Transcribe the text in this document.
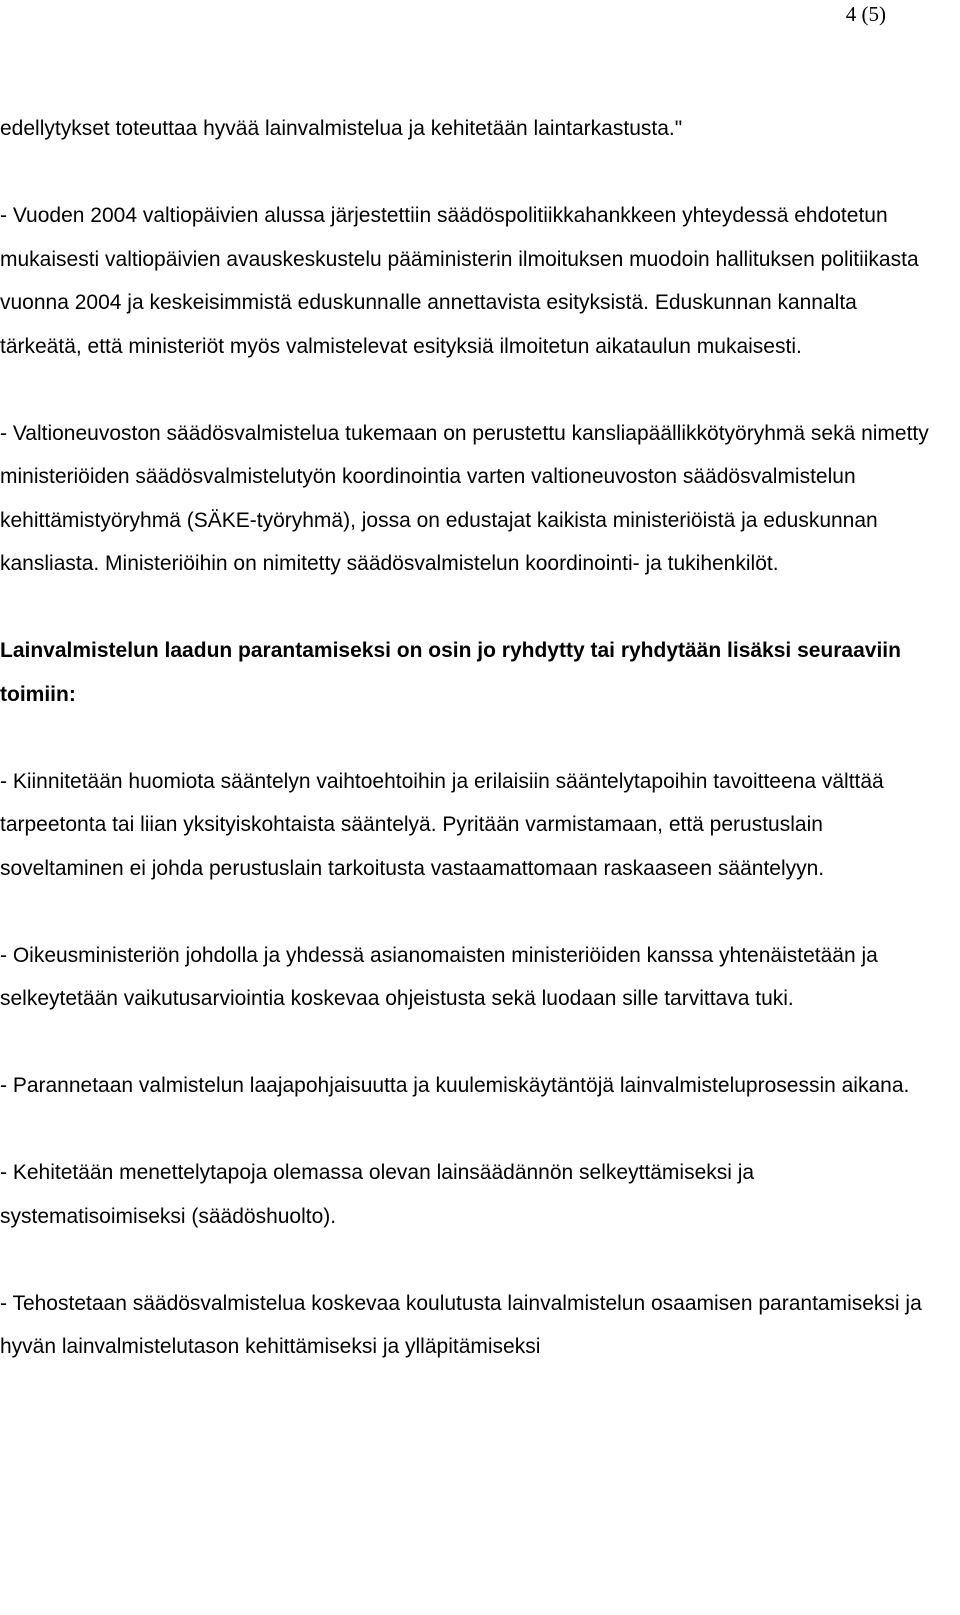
4 (5)

edellytykset toteuttaa hyvää lainvalmistelua ja kehitetään laintarkastusta."

- Vuoden 2004 valtiopäivien alussa järjestettiin säädöspolitiikkahankkeen yhteydessä ehdotetun mukaisesti valtiopäivien avauskeskustelu pääministerin ilmoituksen muodoin hallituksen politiikasta vuonna 2004 ja keskeisimmistä eduskunnalle annettavista esityksistä. Eduskunnan kannalta tärkeätä, että ministeriöt myös valmistelevat esityksiä ilmoitetun aikataulun mukaisesti.

- Valtioneuvoston säädösvalmistelua tukemaan on perustettu kansliapäällikkötyöryhmä sekä nimetty ministeriöiden säädösvalmistelutyön koordinointia varten valtioneuvoston säädösvalmistelun kehittämistyöryhmä (SÄKE-työryhmä), jossa on edustajat kaikista ministeriöistä ja eduskunnan kansliasta. Ministeriöihin on nimitetty säädösvalmistelun koordinointi- ja tukihenkilöt.

Lainvalmistelun laadun parantamiseksi on osin jo ryhdytty tai ryhdytään lisäksi seuraaviin toimiin:

- Kiinnitetään huomiota sääntelyn vaihtoehtoihin ja erilaisiin sääntelytapoihin tavoitteena välttää tarpeetonta tai liian yksityiskohtaista sääntelyä. Pyritään varmistamaan, että perustuslain soveltaminen ei johda perustuslain tarkoitusta vastaamattomaan raskaaseen sääntelyyn.

- Oikeusministeriön johdolla ja yhdessä asianomaisten ministeriöiden kanssa yhtenäistetään ja selkeytetään vaikutusarviointia koskevaa ohjeistusta sekä luodaan sille tarvittava tuki.

- Parannetaan valmistelun laajapohjaisuutta ja kuulemiskäytäntöjä lainvalmisteluprosessin aikana.

- Kehitetään menettelytapoja olemassa olevan lainsäädännön selkeyttämiseksi ja systematisoimiseksi (säädöshuolto).

- Tehostetaan säädösvalmistelua koskevaa koulutusta lainvalmistelun osaamisen parantamiseksi ja hyvän lainvalmistelutason kehittämiseksi ja ylläpitämiseksi
